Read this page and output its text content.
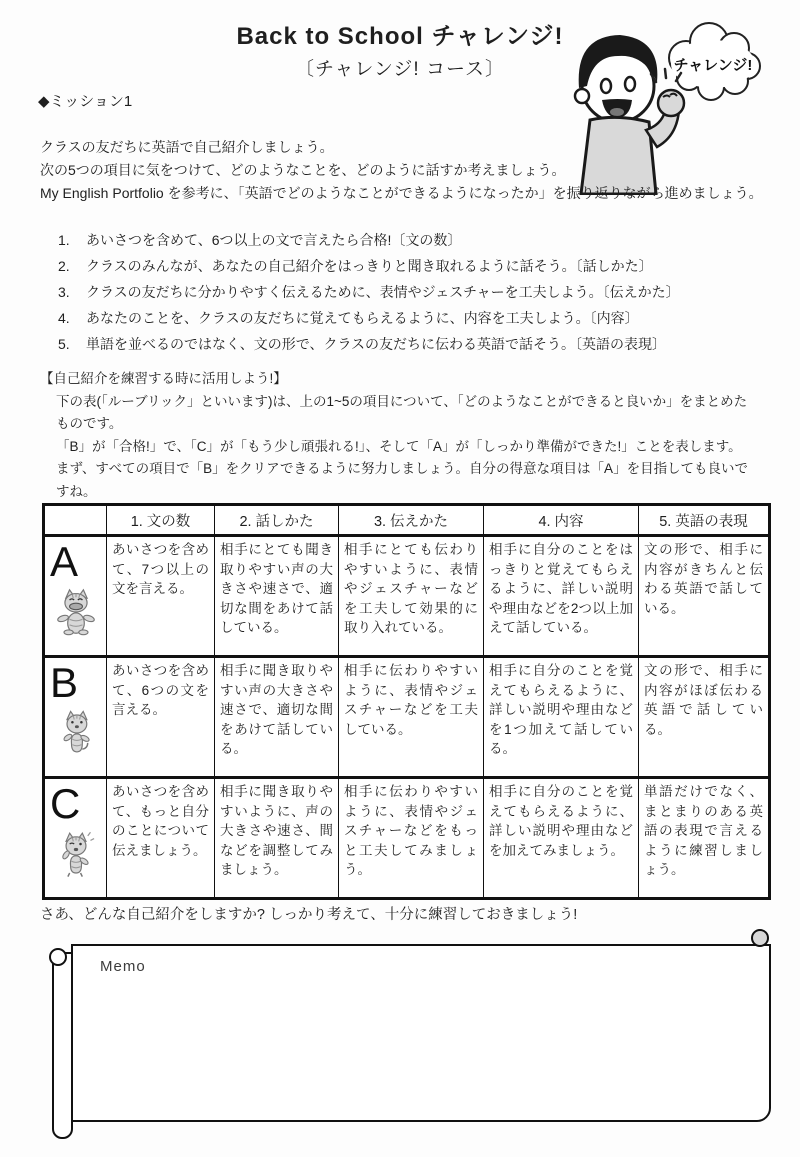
Back to School チャレンジ!
〔チャレンジ! コース〕	チャレンジ!
◆ミッション1
クラスの友だちに英語で自己紹介しましょう。
次の5つの項目に気をつけて、どのようなことを、どのように話すか考えましょう。
My English Portfolio を参考に、「英語でどのようなことができるようになったか」を振り返りながら進めましょう。
1.	あいさつを含めて、6つ以上の文で言えたら合格!〔文の数〕
2.	クラスのみんなが、あなたの自己紹介をはっきりと聞き取れるように話そう。〔話しかた〕
3.	クラスの友だちに分かりやすく伝えるために、表情やジェスチャーを工夫しよう。〔伝えかた〕
4.	あなたのことを、クラスの友だちに覚えてもらえるように、内容を工夫しよう。〔内容〕
5.	単語を並べるのではなく、文の形で、クラスの友だちに伝わる英語で話そう。〔英語の表現〕
【自己紹介を練習する時に活用しよう!】
下の表(「ルーブリック」といいます)は、上の1~5の項目について、「どのようなことができると良いか」をまとめたものです。
「B」が「合格!」で、「C」が「もう少し頑張れる!」、そして「A」が「しっかり準備ができた!」ことを表します。
まず、すべての項目で「B」をクリアできるように努力しましょう。自分の得意な項目は「A」を目指しても良いですね。
	1. 文の数	2. 話しかた	3. 伝えかた	4. 内容	5. 英語の表現

A	あいさつを含めて、7つ以上の文を言える。	相手にとても聞き取りやすい声の大きさや速さで、適切な間をあけて話している。	相手にとても伝わりやすいように、表情やジェスチャーなどを工夫して効果的に取り入れている。	相手に自分のことをはっきりと覚えてもらえるように、詳しい説明や理由などを2つ以上加えて話している。	文の形で、相手に内容がきちんと伝わる英語で話している。

B	あいさつを含めて、6つの文を言える。	相手に聞き取りやすい声の大きさや速さで、適切な間をあけて話している。	相手に伝わりやすいように、表情やジェスチャーなどを工夫している。	相手に自分のことを覚えてもらえるように、詳しい説明や理由などを1つ加えて話している。	文の形で、相手に内容がほぼ伝わる英語で話している。

C	あいさつを含めて、もっと自分のことについて伝えましょう。	相手に聞き取りやすいように、声の大きさや速さ、間などを調整してみましょう。	相手に伝わりやすいように、表情やジェスチャーなどをもっと工夫してみましょう。	相手に自分のことを覚えてもらえるように、詳しい説明や理由などを加えてみましょう。	単語だけでなく、まとまりのある英語の表現で言えるように練習しましょう。
さあ、どんな自己紹介をしますか? しっかり考えて、十分に練習しておきましょう!
Memo
